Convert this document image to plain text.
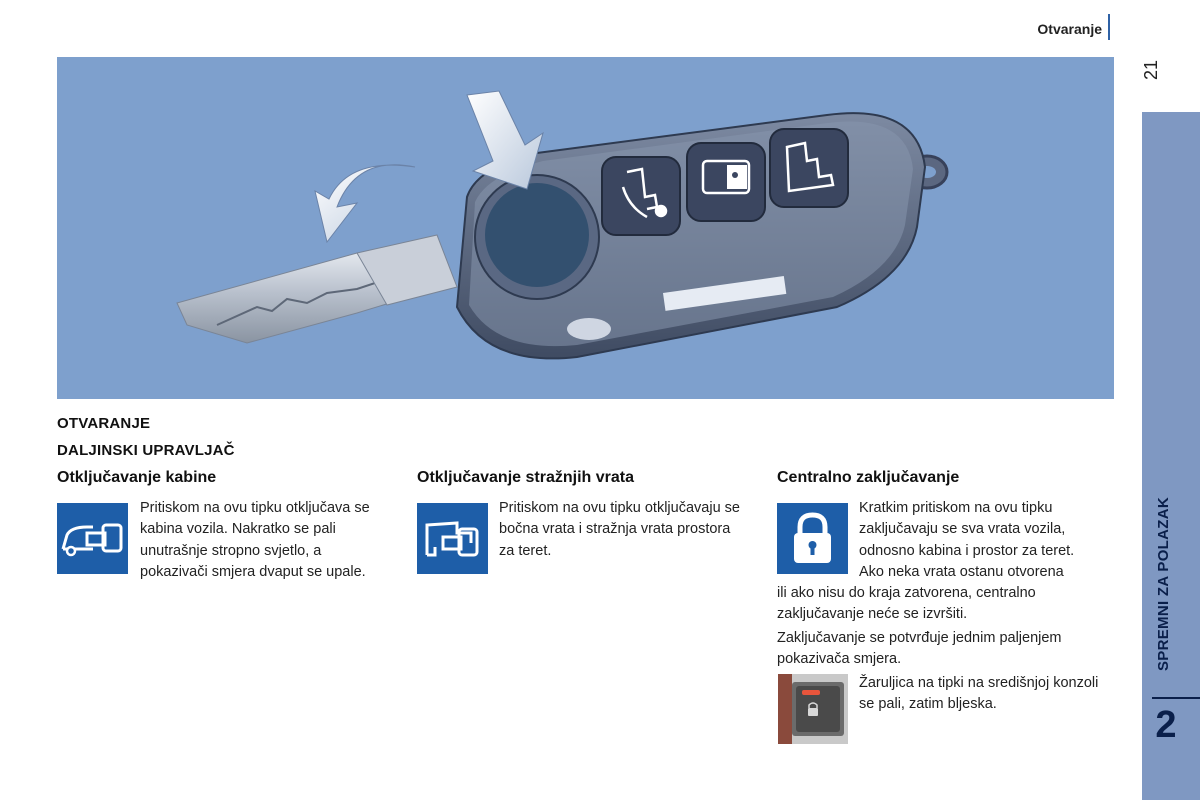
Otvaranje
21
SPREMNI ZA POLAZAK
2
OTVARANJE
DALJINSKI UPRAVLJAČ
Otključavanje kabine
Pritiskom na ovu tipku otključava se kabina vozila. Nakratko se pali unutrašnje stropno svjetlo, a pokazivači smjera dvaput se upale.
Otključavanje stražnjih vrata
Pritiskom na ovu tipku otključavaju se bočna vrata i stražnja vrata prostora za teret.
Centralno zaključavanje
Kratkim pritiskom na ovu tipku zaključavaju se sva vrata vozila, odnosno kabina i prostor za teret.
Ako neka vrata ostanu otvorena
ili ako nisu do kraja zatvorena, centralno zaključavanje neće se izvršiti.
Zaključavanje se potvrđuje jednim paljenjem pokazivača smjera.
Žaruljica na tipki na središnjoj konzoli se pali, zatim bljeska.
